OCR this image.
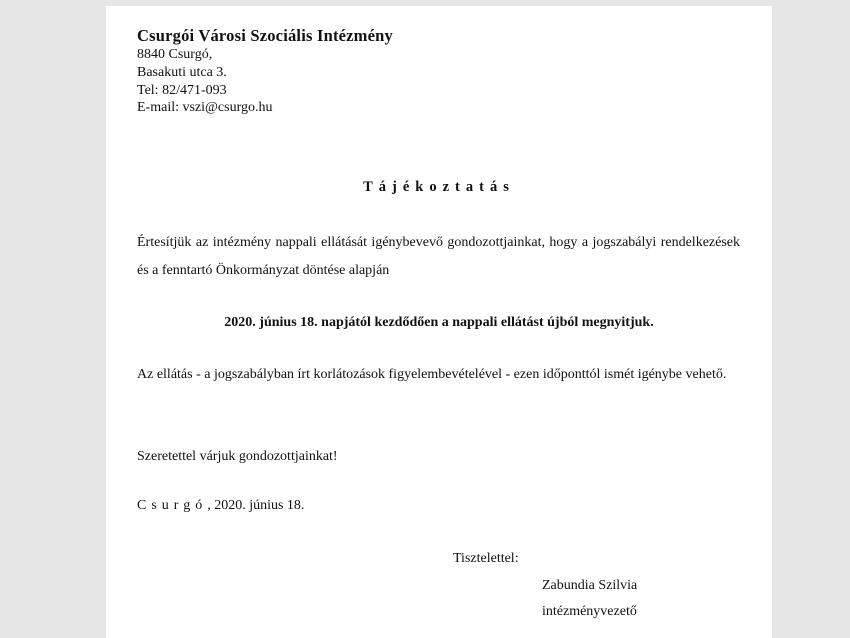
Csurgói Városi Szociális Intézmény
8840 Csurgó,
Basakuti utca 3.
Tel: 82/471-093
E-mail: vszi@csurgo.hu
Tájékoztatás
Értesítjük az intézmény nappali ellátását igénybevevő gondozottjainkat, hogy a jogszabályi rendelkezések és a fenntartó Önkormányzat döntése alapján
2020. június 18. napjától kezdődően a nappali ellátást újból megnyitjuk.
Az ellátás - a jogszabályban írt korlátozások figyelembevételével - ezen időponttól ismét igénybe vehető.
Szeretettel várjuk gondozottjainkat!
Csurgó, 2020. június 18.
Tisztelettel:
Zabundia Szilvia
intézményvezető
